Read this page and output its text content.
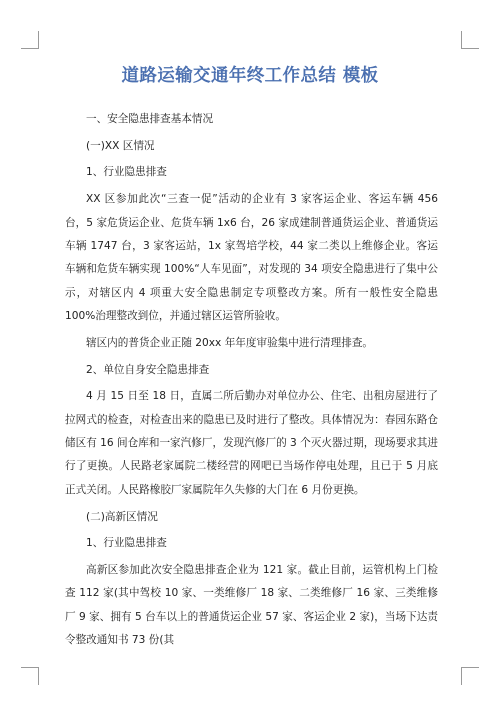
道路运输交通年终工作总结 模板

一、安全隐患排查基本情况

(一)XX 区情况

1、行业隐患排查

XX 区参加此次“三查一促”活动的企业有 3 家客运企业、客运车辆 456 台，5 家危货运企业、危货车辆 1x6 台，26 家成建制普通货运企业、普通货运车辆 1747 台，3 家客运站，1x 家驾培学校，44 家二类以上维修企业。客运车辆和危货车辆实现 100%“人车见面”，对发现的 34 项安全隐患进行了集中公示，对辖区内 4 项重大安全隐患制定专项整改方案。所有一般性安全隐患 100%治理整改到位，并通过辖区运管所验收。

辖区内的普货企业正随 20xx 年年度审验集中进行清理排查。

2、单位自身安全隐患排查

4 月 15 日至 18 日，直属二所后勤办对单位办公、住宅、出租房屋进行了拉网式的检查，对检查出来的隐患已及时进行了整改。具体情况为：春园东路仓储区有 16 间仓库和一家汽修厂，发现汽修厂的 3 个灭火器过期，现场要求其进行了更换。人民路老家属院二楼经营的网吧已当场作停电处理，且已于 5 月底正式关闭。人民路橡胶厂家属院年久失修的大门在 6 月份更换。

(二)高新区情况

1、行业隐患排查

高新区参加此次安全隐患排查企业为 121 家。截止目前，运管机构上门检查 112 家(其中驾校 10 家、一类维修厂 18 家、二类维修厂 16 家、三类维修厂 9 家、拥有 5 台车以上的普通货运企业 57 家、客运企业 2 家)，当场下达责令整改通知书 73 份(其
